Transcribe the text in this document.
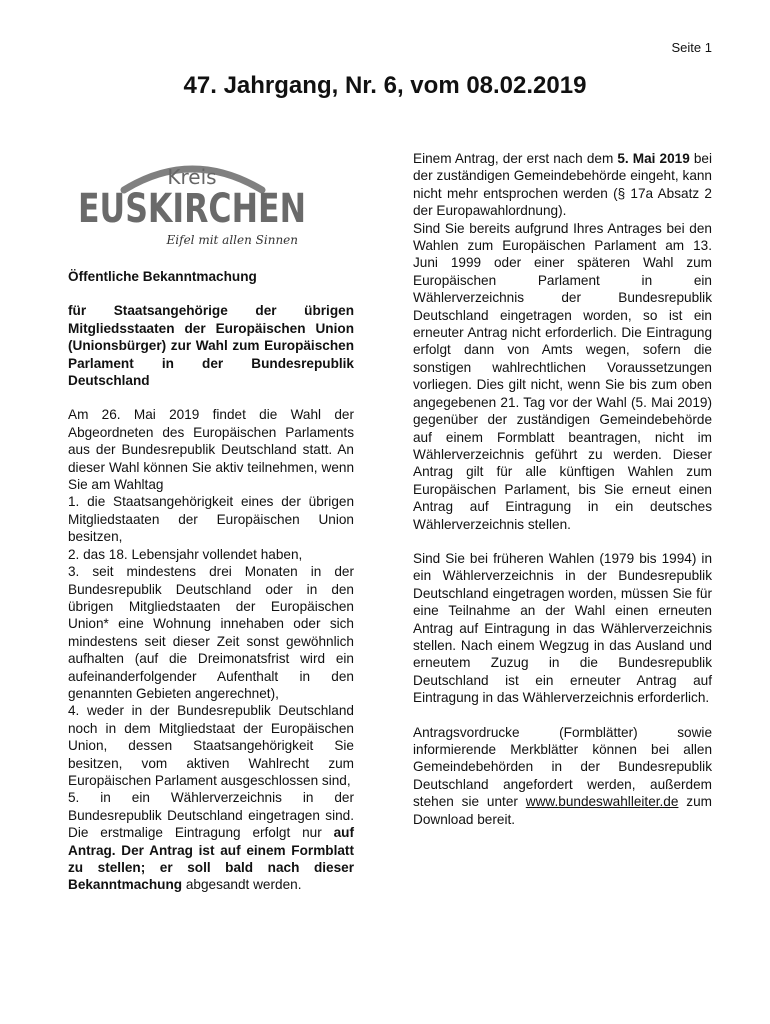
Seite 1
47. Jahrgang, Nr. 6, vom 08.02.2019
Kreis
EUSKIRCHEN
Eifel mit allen Sinnen

Öffentliche Bekanntmachung

für Staatsangehörige der übrigen Mitgliedsstaaten der Europäischen Union (Unionsbürger) zur Wahl zum Europäischen Parlament in der Bundesrepublik Deutschland

Am 26. Mai 2019 findet die Wahl der Abgeordneten des Europäischen Parlaments aus der Bundesrepublik Deutschland statt. An dieser Wahl können Sie aktiv teilnehmen, wenn Sie am Wahltag

1. die Staatsangehörigkeit eines der übrigen Mitgliedstaaten der Europäischen Union besitzen,

2. das 18. Lebensjahr vollendet haben,

3. seit mindestens drei Monaten in der Bundesrepublik Deutschland oder in den übrigen Mitgliedstaaten der Europäischen Union* eine Wohnung innehaben oder sich mindestens seit dieser Zeit sonst gewöhnlich aufhalten (auf die Dreimonatsfrist wird ein aufeinanderfolgender Aufenthalt in den genannten Gebieten angerechnet),

4. weder in der Bundesrepublik Deutschland noch in dem Mitgliedstaat der Europäischen Union, dessen Staatsangehörigkeit Sie besitzen, vom aktiven Wahlrecht zum Europäischen Parlament ausgeschlossen sind,

5. in ein Wählerverzeichnis in der Bundesrepublik Deutschland eingetragen sind. Die erstmalige Eintragung erfolgt nur auf Antrag. Der Antrag ist auf einem Formblatt zu stellen; er soll bald nach dieser Bekanntmachung abgesandt werden.

Einem Antrag, der erst nach dem 5. Mai 2019 bei der zuständigen Gemeindebehörde eingeht, kann nicht mehr entsprochen werden (§ 17a Absatz 2 der Europawahlordnung).

Sind Sie bereits aufgrund Ihres Antrages bei den Wahlen zum Europäischen Parlament am 13. Juni 1999 oder einer späteren Wahl zum Europäischen Parlament in ein Wählerverzeichnis der Bundesrepublik Deutschland eingetragen worden, so ist ein erneuter Antrag nicht erforderlich. Die Eintragung erfolgt dann von Amts wegen, sofern die sonstigen wahlrechtlichen Voraussetzungen vorliegen. Dies gilt nicht, wenn Sie bis zum oben angegebenen 21. Tag vor der Wahl (5. Mai 2019) gegenüber der zuständigen Gemeindebehörde auf einem Formblatt beantragen, nicht im Wählerverzeichnis geführt zu werden. Dieser Antrag gilt für alle künftigen Wahlen zum Europäischen Parlament, bis Sie erneut einen Antrag auf Eintragung in ein deutsches Wählerverzeichnis stellen.

Sind Sie bei früheren Wahlen (1979 bis 1994) in ein Wählerverzeichnis in der Bundesrepublik Deutschland eingetragen worden, müssen Sie für eine Teilnahme an der Wahl einen erneuten Antrag auf Eintragung in das Wählerverzeichnis stellen. Nach einem Wegzug in das Ausland und erneutem Zuzug in die Bundesrepublik Deutschland ist ein erneuter Antrag auf Eintragung in das Wählerverzeichnis erforderlich.

Antragsvordrucke (Formblätter) sowie informierende Merkblätter können bei allen Gemeindebehörden in der Bundesrepublik Deutschland angefordert werden, außerdem stehen sie unter www.bundeswahlleiter.de zum Download bereit.
